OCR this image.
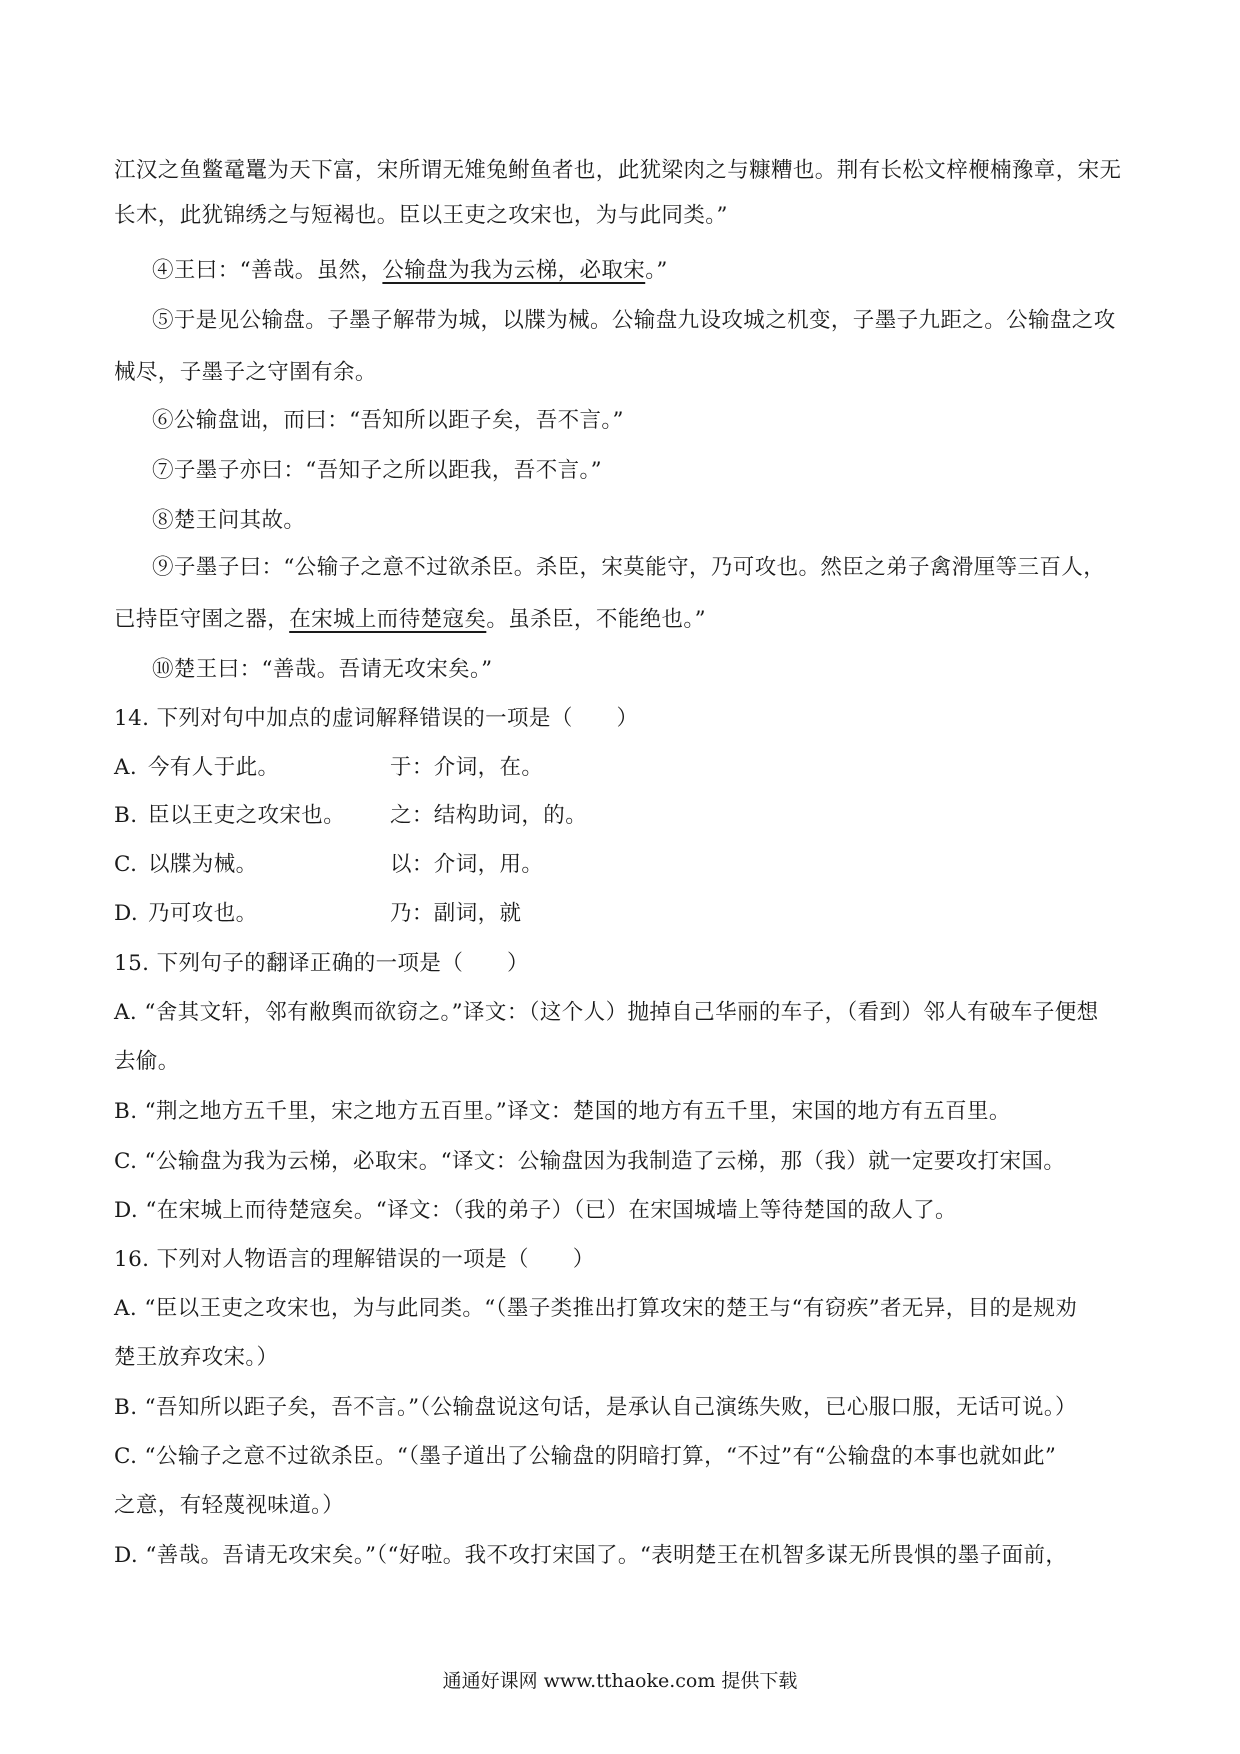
江汉之鱼鳖鼋鼍为天下富，宋所谓无雉兔鲋鱼者也，此犹梁肉之与糠糟也。荆有长松文梓楩楠豫章，宋无
长木，此犹锦绣之与短褐也。臣以王吏之攻宋也，为与此同类。”
④王曰：“善哉。虽然，公输盘为我为云梯，必取宋。”
⑤于是见公输盘。子墨子解带为城，以牒为械。公输盘九设攻城之机变，子墨子九距之。公输盘之攻
械尽，子墨子之守圉有余。
⑥公输盘诎，而曰：“吾知所以距子矣，吾不言。”
⑦子墨子亦曰：“吾知子之所以距我，吾不言。”
⑧楚王问其故。
⑨子墨子曰：“公输子之意不过欲杀臣。杀臣，宋莫能守，乃可攻也。然臣之弟子禽滑厘等三百人，
已持臣守圉之器，在宋城上而待楚寇矣。虽杀臣，不能绝也。”
⑩楚王曰：“善哉。吾请无攻宋矣。”
14. 下列对句中加点的虚词解释错误的一项是（　　）
A. 今有人于此。	于：介词，在。
B. 臣以王吏之攻宋也。 之：结构助词，的。
C. 以牒为械。	以：介词，用。
D. 乃可攻也。	乃：副词，就
15. 下列句子的翻译正确的一项是（　　）
A. “舍其文轩，邻有敝舆而欲窃之。”译文：（这个人）抛掉自己华丽的车子，（看到）邻人有破车子便想
去偷。
B. “荆之地方五千里，宋之地方五百里。”译文：楚国的地方有五千里，宋国的地方有五百里。
C. “公输盘为我为云梯，必取宋。“译文：公输盘因为我制造了云梯，那（我）就一定要攻打宋国。
D. “在宋城上而待楚寇矣。“译文：（我的弟子）（已）在宋国城墙上等待楚国的敌人了。
16. 下列对人物语言的理解错误的一项是（　　）
A. “臣以王吏之攻宋也，为与此同类。“（墨子类推出打算攻宋的楚王与“有窃疾”者无异，目的是规劝
楚王放弃攻宋。）
B. “吾知所以距子矣，吾不言。”（公输盘说这句话，是承认自己演练失败，已心服口服，无话可说。）
C. “公输子之意不过欲杀臣。“（墨子道出了公输盘的阴暗打算，“不过”有“公输盘的本事也就如此”
之意，有轻蔑视味道。）
D. “善哉。吾请无攻宋矣。”（“好啦。我不攻打宋国了。“表明楚王在机智多谋无所畏惧的墨子面前，
通通好课网 www.tthaoke.com 提供下载
